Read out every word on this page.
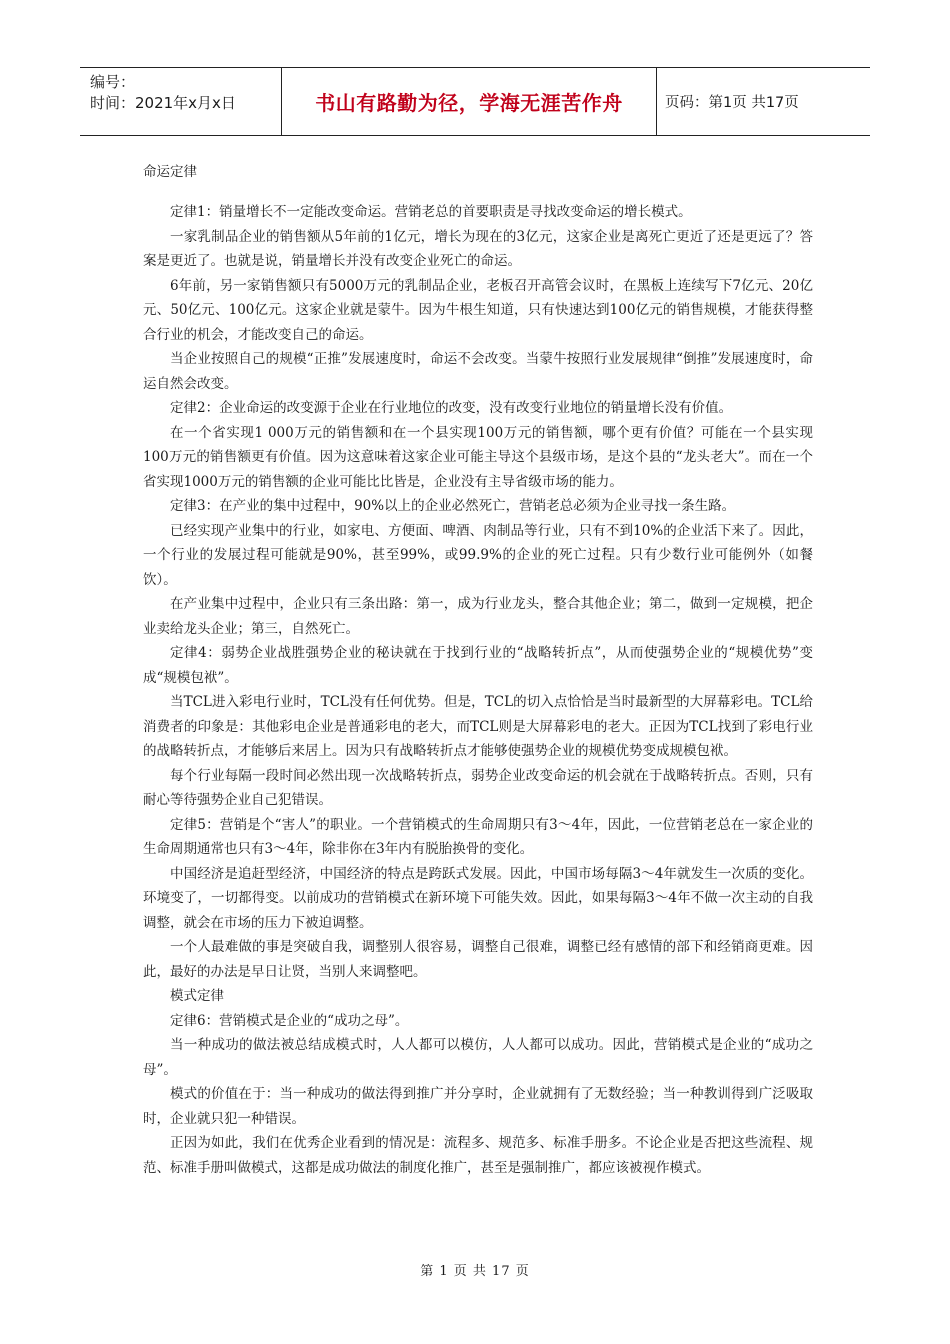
编号：
时间：2021年x月x日	书山有路勤为径，学海无涯苦作舟	页码：第1页 共17页

命运定律

定律1：销量增长不一定能改变命运。营销老总的首要职责是寻找改变命运的增长模式。

一家乳制品企业的销售额从5年前的1亿元，增长为现在的3亿元，这家企业是离死亡更近了还是更远了？答案是更近了。也就是说，销量增长并没有改变企业死亡的命运。

6年前，另一家销售额只有5000万元的乳制品企业，老板召开高管会议时，在黑板上连续写下7亿元、20亿元、50亿元、100亿元。这家企业就是蒙牛。因为牛根生知道，只有快速达到100亿元的销售规模，才能获得整合行业的机会，才能改变自己的命运。

当企业按照自己的规模“正推”发展速度时，命运不会改变。当蒙牛按照行业发展规律“倒推”发展速度时，命运自然会改变。

定律2：企业命运的改变源于企业在行业地位的改变，没有改变行业地位的销量增长没有价值。

在一个省实现1 000万元的销售额和在一个县实现100万元的销售额，哪个更有价值？可能在一个县实现100万元的销售额更有价值。因为这意味着这家企业可能主导这个县级市场，是这个县的“龙头老大”。而在一个省实现1000万元的销售额的企业可能比比皆是，企业没有主导省级市场的能力。

定律3：在产业的集中过程中，90%以上的企业必然死亡，营销老总必须为企业寻找一条生路。

已经实现产业集中的行业，如家电、方便面、啤酒、肉制品等行业，只有不到10%的企业活下来了。因此，一个行业的发展过程可能就是90%，甚至99%，或99.9%的企业的死亡过程。只有少数行业可能例外（如餐饮）。

在产业集中过程中，企业只有三条出路：第一，成为行业龙头，整合其他企业；第二，做到一定规模，把企业卖给龙头企业；第三，自然死亡。

定律4：弱势企业战胜强势企业的秘诀就在于找到行业的“战略转折点”，从而使强势企业的“规模优势”变成“规模包袱”。

当TCL进入彩电行业时，TCL没有任何优势。但是，TCL的切入点恰恰是当时最新型的大屏幕彩电。TCL给消费者的印象是：其他彩电企业是普通彩电的老大，而TCL则是大屏幕彩电的老大。正因为TCL找到了彩电行业的战略转折点，才能够后来居上。因为只有战略转折点才能够使强势企业的规模优势变成规模包袱。

每个行业每隔一段时间必然出现一次战略转折点，弱势企业改变命运的机会就在于战略转折点。否则，只有耐心等待强势企业自己犯错误。

定律5：营销是个“害人”的职业。一个营销模式的生命周期只有3～4年，因此，一位营销老总在一家企业的生命周期通常也只有3～4年，除非你在3年内有脱胎换骨的变化。

中国经济是追赶型经济，中国经济的特点是跨跃式发展。因此，中国市场每隔3～4年就发生一次质的变化。环境变了，一切都得变。以前成功的营销模式在新环境下可能失效。因此，如果每隔3～4年不做一次主动的自我调整，就会在市场的压力下被迫调整。

一个人最难做的事是突破自我，调整别人很容易，调整自己很难，调整已经有感情的部下和经销商更难。因此，最好的办法是早日让贤，当别人来调整吧。

模式定律

定律6：营销模式是企业的“成功之母”。

当一种成功的做法被总结成模式时，人人都可以模仿，人人都可以成功。因此，营销模式是企业的“成功之母”。

模式的价值在于：当一种成功的做法得到推广并分享时，企业就拥有了无数经验；当一种教训得到广泛吸取时，企业就只犯一种错误。

正因为如此，我们在优秀企业看到的情况是：流程多、规范多、标准手册多。不论企业是否把这些流程、规范、标准手册叫做模式，这都是成功做法的制度化推广，甚至是强制推广，都应该被视作模式。

第 1 页 共 17 页
